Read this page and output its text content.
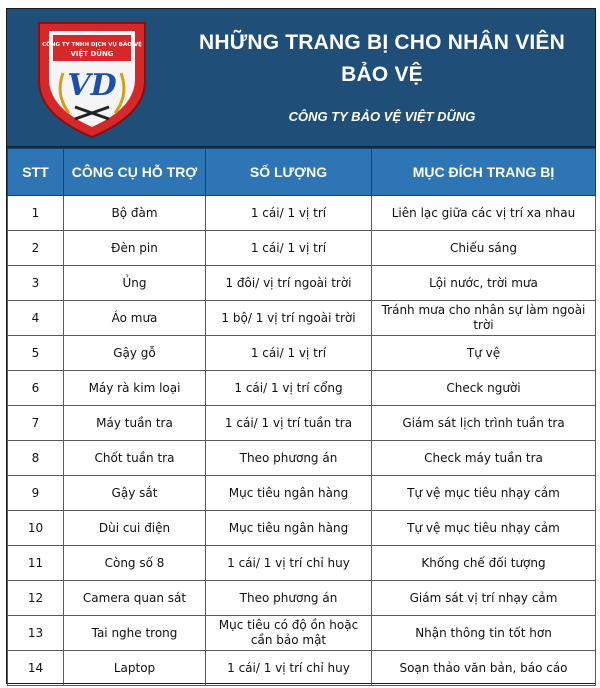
CÔNG TY TNHH DỊCH VỤ BẢO VỆ
VIỆT DŨNG
VD
NHỮNG TRANG BỊ CHO NHÂN VIÊN
BẢO VỆ
CÔNG TY BẢO VỆ VIỆT DŨNG
STT	CÔNG CỤ HỖ TRỢ	SỐ LƯỢNG	MỤC ĐÍCH TRANG BỊ
1	Bộ đàm	1 cái/ 1 vị trí	Liên lạc giữa các vị trí xa nhau
2	Đèn pin	1 cái/ 1 vị trí	Chiếu sáng
3	Ủng	1 đôi/ vị trí ngoài trời	Lội nước, trời mưa
4	Áo mưa	1 bộ/ 1 vị trí ngoài trời	Tránh mưa cho nhân sự làm ngoài trời
5	Gậy gỗ	1 cái/ 1 vị trí	Tự vệ
6	Máy rà kim loại	1 cái/ 1 vị trí cổng	Check người
7	Máy tuần tra	1 cái/ 1 vị trí tuần tra	Giám sát lịch trình tuần tra
8	Chốt tuần tra	Theo phương án	Check máy tuần tra
9	Gậy sắt	Mục tiêu ngân hàng	Tự vệ mục tiêu nhạy cảm
10	Dùi cui điện	Mục tiêu ngân hàng	Tự vệ mục tiêu nhạy cảm
11	Còng số 8	1 cái/ 1 vị trí chỉ huy	Khống chế đối tượng
12	Camera quan sát	Theo phương án	Giám sát vị trí nhạy cảm
13	Tai nghe trong	Mục tiêu có độ ồn hoặc cần bảo mật	Nhận thông tin tốt hơn
14	Laptop	1 cái/ 1 vị trí chỉ huy	Soạn thảo văn bản, báo cáo
